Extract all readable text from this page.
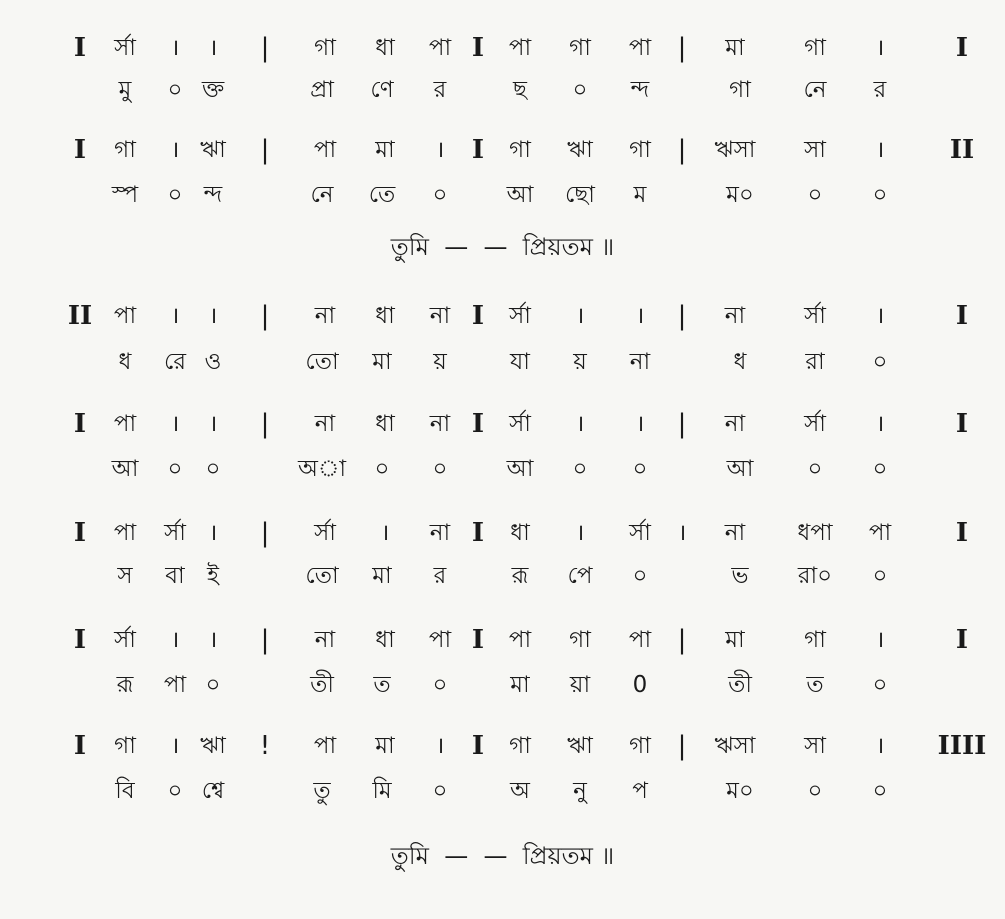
I র্সা । । | গা ধা পা I পা গা পা | মা	গা ।	I
মু ০ ক্ত	প্রা ণে র	ছ ০ ন্দ	গা নে র
I গা । ঋা | পা মা । I গা ঋা গা | ঋসা সা ।	II
স্প ০ ন্দ	নে তে ০	আ ছো ম	ম০ ০ ০
II পা । । | না ধা না I র্সা । । | না	র্সা ।	I
ধ রে ও	তো মা য়	যা য় না	ধ	রা ০
I পা । । | না ধা না I র্সা । । | না	র্সা ।	I
আ ০ ০	অা ০ ০	আ ০ ০	আ ০ ০
I পা র্সা । | র্সা । না I ধা । র্সা । না ধপা পা I
স বা ই	তো মা র	রূ পে ০	ভ রা০ ০
I র্সা । । | না ধা পা I পা গা পা | মা	গা ।	I
রূ পা ০	তী ত ০	মা য়া 0	তী ত ০
I গা । ঋা ! পা মা । I গা ঋা গা | ঋসা সা । IIII
বি ০ শ্বে	তু মি ০	অ নু প	ম০ ০ ০
তুমি  —  —  প্রিয়তম ॥
তুমি  —  —  প্রিয়তম ॥
